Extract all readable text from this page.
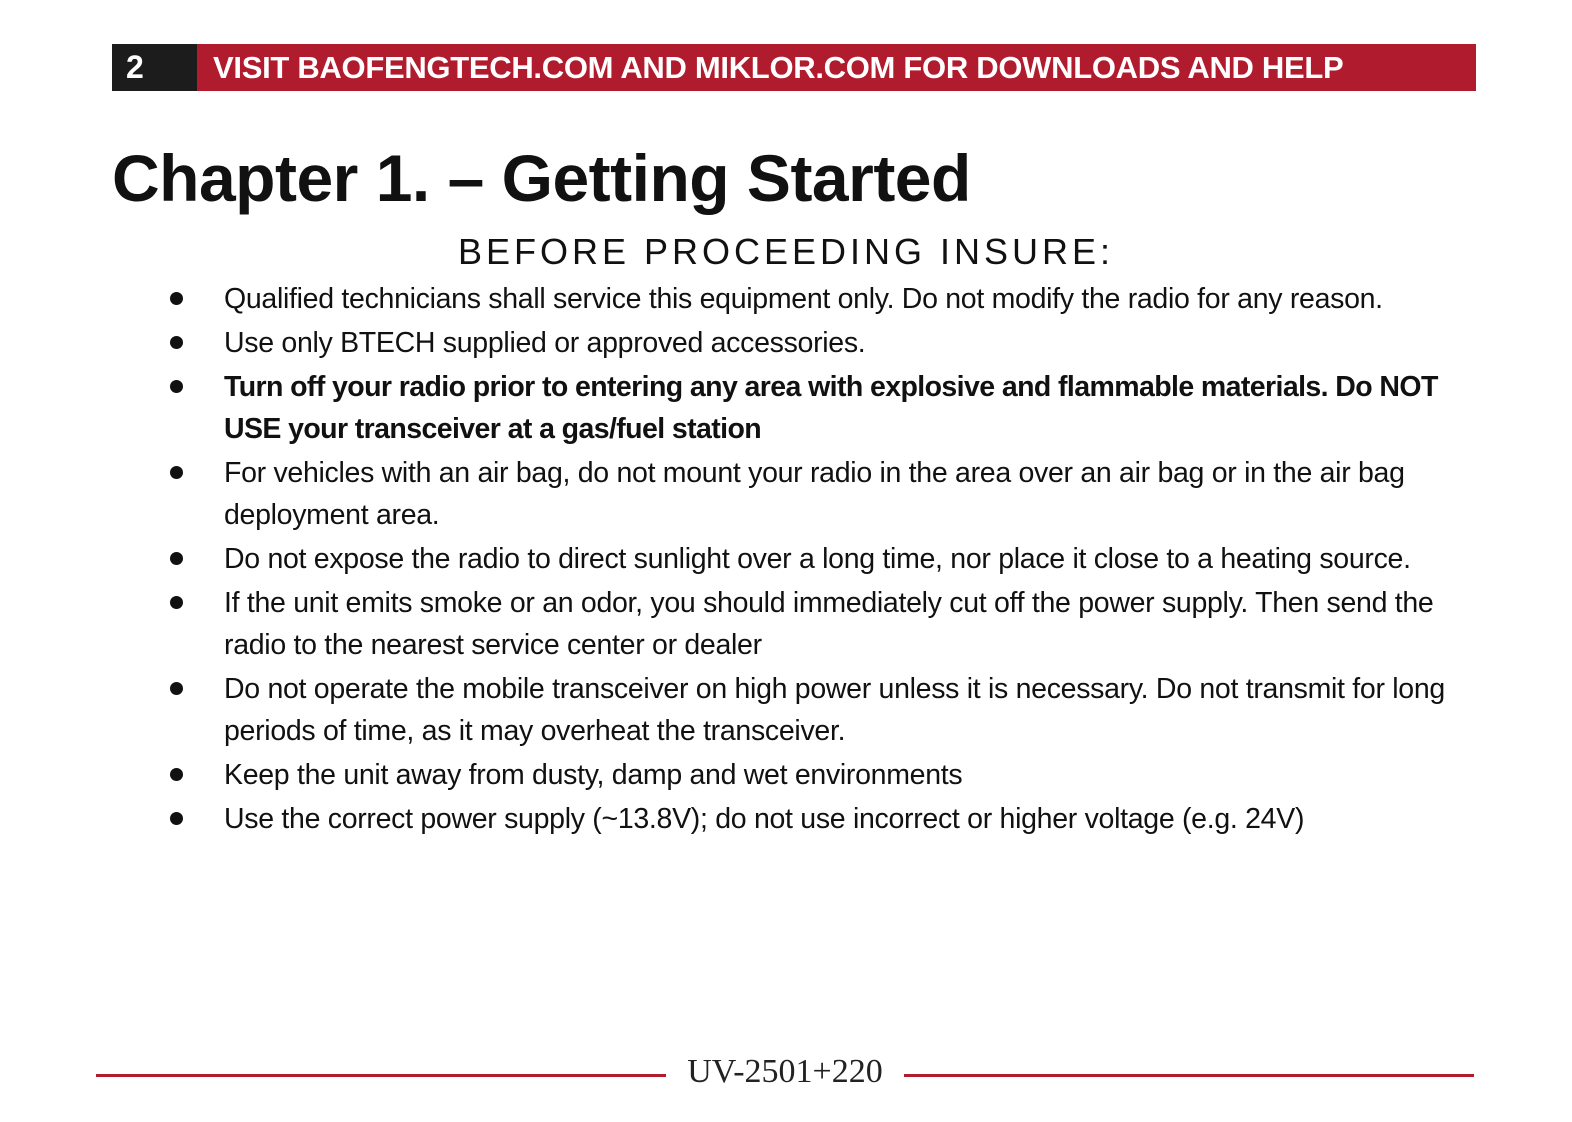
2	VISIT BAOFENGTECH.COM AND MIKLOR.COM FOR DOWNLOADS AND HELP
Chapter 1. – Getting Started
BEFORE PROCEEDING INSURE:
Qualified technicians shall service this equipment only. Do not modify the radio for any reason.
Use only BTECH supplied or approved accessories.
Turn off your radio prior to entering any area with explosive and flammable materials. Do NOT USE your transceiver at a gas/fuel station
For vehicles with an air bag, do not mount your radio in the area over an air bag or in the air bag deployment area.
Do not expose the radio to direct sunlight over a long time, nor place it close to a heating source.
If the unit emits smoke or an odor, you should immediately cut off the power supply. Then send the radio to the nearest service center or dealer
Do not operate the mobile transceiver on high power unless it is necessary. Do not transmit for long periods of time, as it may overheat the transceiver.
Keep the unit away from dusty, damp and wet environments
Use the correct power supply (~13.8V); do not use incorrect or higher voltage (e.g. 24V)
UV-2501+220
